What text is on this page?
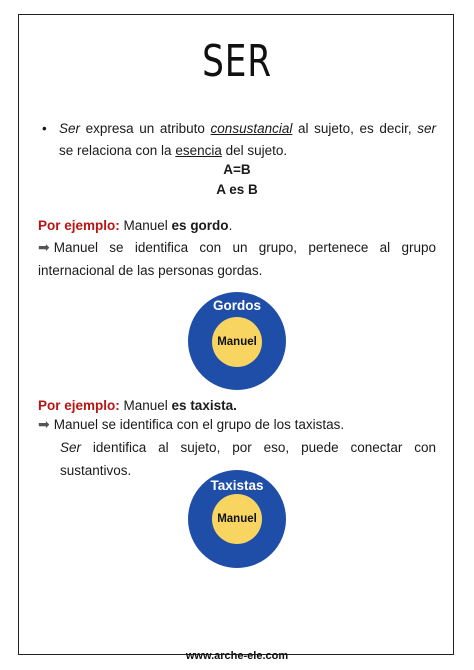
SER
• Ser expresa un atributo consustancial al sujeto, es decir, ser se relaciona con la esencia del sujeto.
A=B
A es B
Por ejemplo: Manuel es gordo.
➡ Manuel se identifica con un grupo, pertenece al grupo internacional de las personas gordas.
Gordos
Manuel
Por ejemplo: Manuel es taxista.
➡ Manuel se identifica con el grupo de los taxistas.
Ser identifica al sujeto, por eso, puede conectar con sustantivos.
Taxistas
Manuel
www.arche-ele.com
